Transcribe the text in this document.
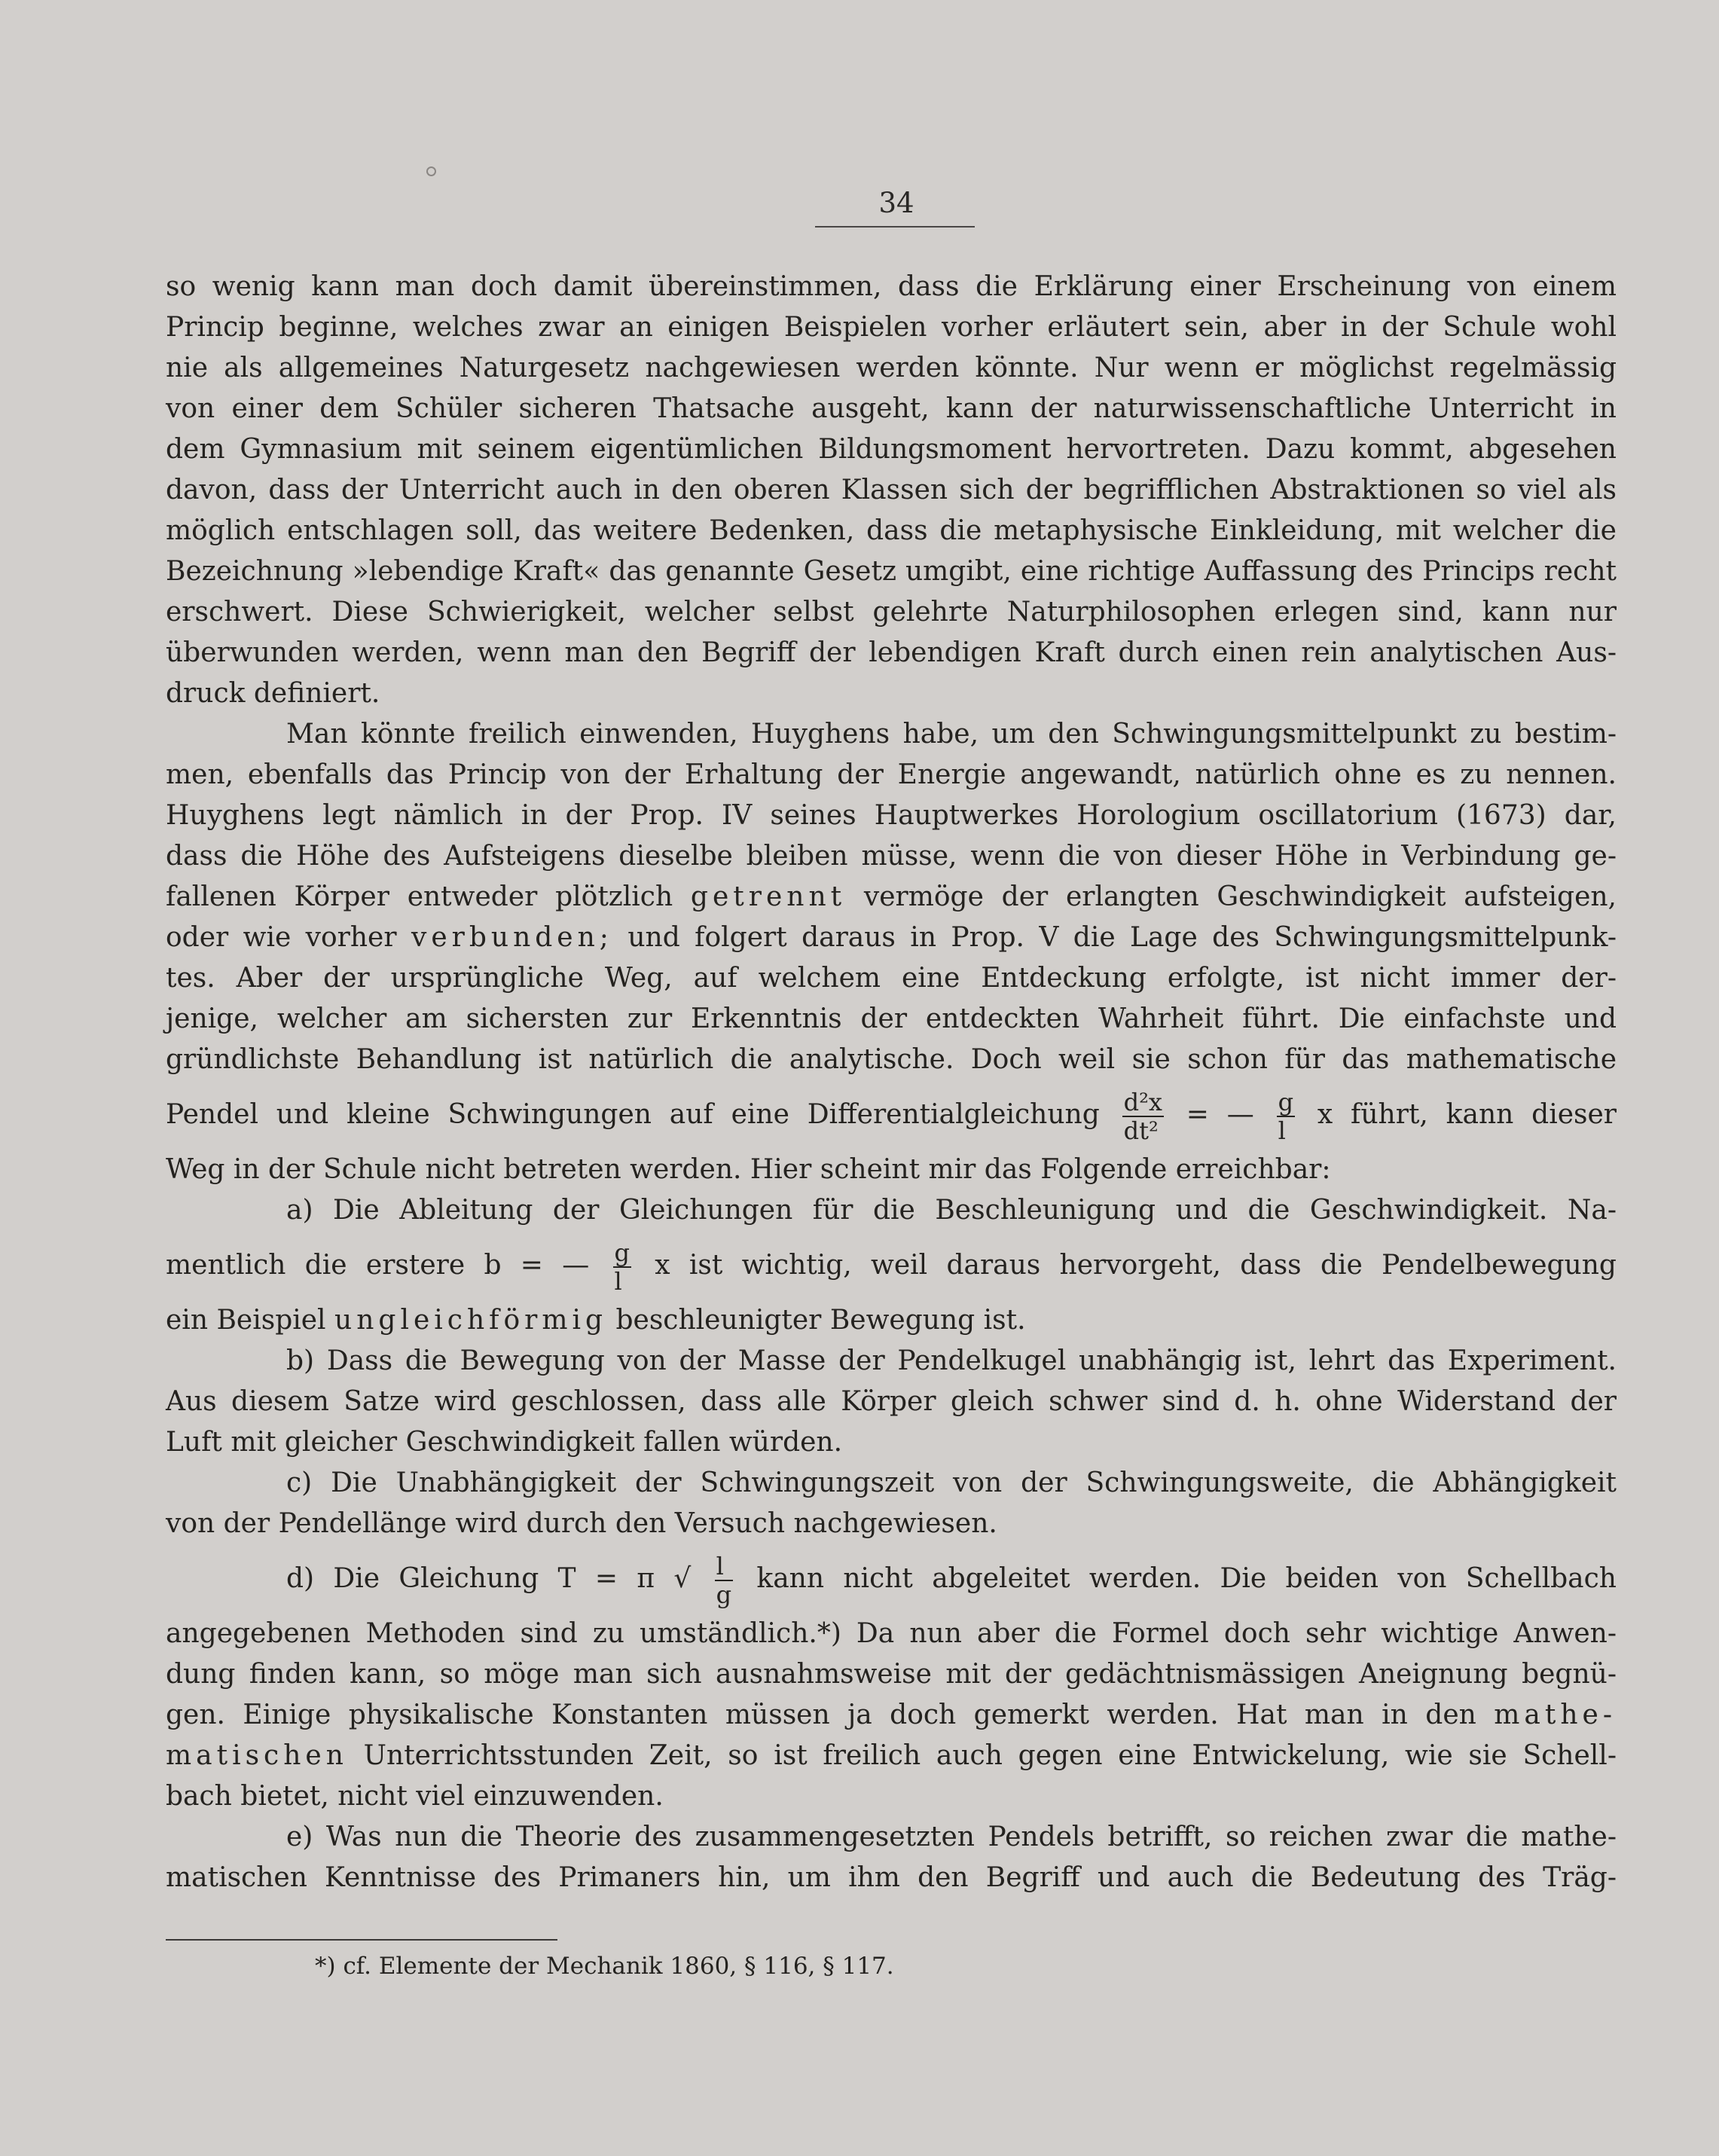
34
so wenig kann man doch damit übereinstimmen, dass die Erklärung einer Erscheinung von einem
Princip beginne, welches zwar an einigen Beispielen vorher erläutert sein, aber in der Schule wohl
nie als allgemeines Naturgesetz nachgewiesen werden könnte. Nur wenn er möglichst regelmässig
von einer dem Schüler sicheren Thatsache ausgeht, kann der naturwissenschaftliche Unterricht in
dem Gymnasium mit seinem eigentümlichen Bildungsmoment hervortreten. Dazu kommt, abgesehen
davon, dass der Unterricht auch in den oberen Klassen sich der begrifflichen Abstraktionen so viel als
möglich entschlagen soll, das weitere Bedenken, dass die metaphysische Einkleidung, mit welcher die
Bezeichnung »lebendige Kraft« das genannte Gesetz umgibt, eine richtige Auffassung des Princips recht
erschwert. Diese Schwierigkeit, welcher selbst gelehrte Naturphilosophen erlegen sind, kann nur
überwunden werden, wenn man den Begriff der lebendigen Kraft durch einen rein analytischen Aus-
druck definiert.
Man könnte freilich einwenden, Huyghens habe, um den Schwingungsmittelpunkt zu bestim-
men, ebenfalls das Princip von der Erhaltung der Energie angewandt, natürlich ohne es zu nennen.
Huyghens legt nämlich in der Prop. IV seines Hauptwerkes Horologium oscillatorium (1673) dar,
dass die Höhe des Aufsteigens dieselbe bleiben müsse, wenn die von dieser Höhe in Verbindung ge-
fallenen Körper entweder plötzlich getrennt vermöge der erlangten Geschwindigkeit aufsteigen,
oder wie vorher verbunden; und folgert daraus in Prop. V die Lage des Schwingungsmittelpunk-
tes. Aber der ursprüngliche Weg, auf welchem eine Entdeckung erfolgte, ist nicht immer der-
jenige, welcher am sichersten zur Erkenntnis der entdeckten Wahrheit führt. Die einfachste und
gründlichste Behandlung ist natürlich die analytische. Doch weil sie schon für das mathematische
Pendel und kleine Schwingungen auf eine Differentialgleichung $\frac{\text{d²x}}{\text{dt²}}$ = — $\frac{g}{l}$ x führt, kann dieser
Weg in der Schule nicht betreten werden. Hier scheint mir das Folgende erreichbar:
a) Die Ableitung der Gleichungen für die Beschleunigung und die Geschwindigkeit. Na-
mentlich die erstere b = — $\frac{g}{l}$ x ist wichtig, weil daraus hervorgeht, dass die Pendelbewegung
ein Beispiel ungleichförmig beschleunigter Bewegung ist.
b) Dass die Bewegung von der Masse der Pendelkugel unabhängig ist, lehrt das Experiment.
Aus diesem Satze wird geschlossen, dass alle Körper gleich schwer sind d. h. ohne Widerstand der
Luft mit gleicher Geschwindigkeit fallen würden.
c) Die Unabhängigkeit der Schwingungszeit von der Schwingungsweite, die Abhängigkeit
von der Pendellänge wird durch den Versuch nachgewiesen.
d) Die Gleichung T = π √ $\frac{l}{g}$ kann nicht abgeleitet werden. Die beiden von Schellbach
angegebenen Methoden sind zu umständlich.*) Da nun aber die Formel doch sehr wichtige Anwen-
dung finden kann, so möge man sich ausnahmsweise mit der gedächtnismässigen Aneignung begnü-
gen. Einige physikalische Konstanten müssen ja doch gemerkt werden. Hat man in den mathe-
matischen Unterrichtsstunden Zeit, so ist freilich auch gegen eine Entwickelung, wie sie Schell-
bach bietet, nicht viel einzuwenden.
e) Was nun die Theorie des zusammengesetzten Pendels betrifft, so reichen zwar die mathe-
matischen Kenntnisse des Primaners hin, um ihm den Begriff und auch die Bedeutung des Träg-
*) cf. Elemente der Mechanik 1860, § 116, § 117.
